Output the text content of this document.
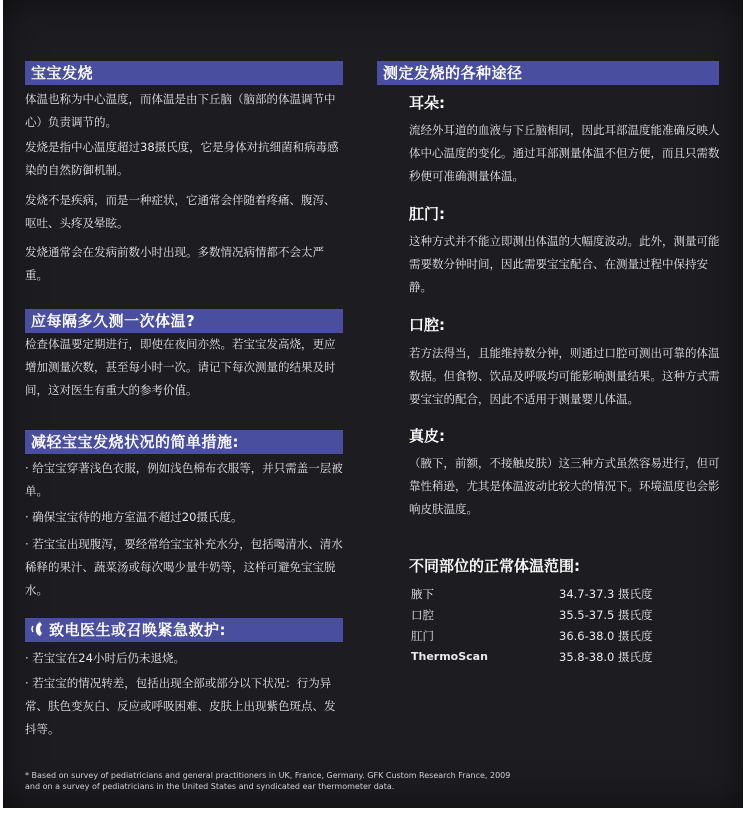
宝宝发烧

体温也称为中心温度，而体温是由下丘脑（脑部的体温调节中心）负责调节的。

发烧是指中心温度超过38摄氏度，它是身体对抗细菌和病毒感染的自然防御机制。

发烧不是疾病，而是一种症状，它通常会伴随着疼痛、腹泻、呕吐、头疼及晕眩。

发烧通常会在发病前数小时出现。多数情况病情都不会太严重。

应每隔多久测一次体温?

检查体温要定期进行，即使在夜间亦然。若宝宝发高烧，更应增加测量次数，甚至每小时一次。请记下每次测量的结果及时间，这对医生有重大的参考价值。

减轻宝宝发烧状况的简单措施:

· 给宝宝穿著浅色衣服，例如浅色棉布衣服等，并只需盖一层被单。

· 确保宝宝待的地方室温不超过20摄氏度。

· 若宝宝出现腹泻，要经常给宝宝补充水分，包括喝清水、清水稀释的果汁、蔬菜汤或每次喝少量牛奶等，这样可避免宝宝脱水。

致电医生或召唤紧急救护:

· 若宝宝在24小时后仍未退烧。

· 若宝宝的情况转差，包括出现全部或部分以下状况：行为异常、肤色变灰白、反应或呼吸困难、皮肤上出现紫色斑点、发抖等。

测定发烧的各种途径
耳朵:

流经外耳道的血液与下丘脑相同，因此耳部温度能准确反映人体中心温度的变化。通过耳部测量体温不但方便，而且只需数秒便可准确测量体温。

肛门:

这种方式并不能立即测出体温的大幅度波动。此外，测量可能需要数分钟时间，因此需要宝宝配合、在测量过程中保持安静。

口腔:

若方法得当，且能维持数分钟，则通过口腔可测出可靠的体温数据。但食物、饮品及呼吸均可能影响测量结果。这种方式需要宝宝的配合，因此不适用于测量婴儿体温。

真皮:

（腋下，前额，不接触皮肤）这三种方式虽然容易进行，但可靠性稍逊，尤其是体温波动比较大的情况下。环境温度也会影响皮肤温度。

不同部位的正常体温范围:
腋下	34.7-37.3 摄氏度
口腔	35.5-37.5 摄氏度
肛门	36.6-38.0 摄氏度
ThermoScan	35.8-38.0 摄氏度
* Based on survey of pediatricians and general practitioners in UK, France, Germany. GFK Custom Research France, 2009
and on a survey of pediatricians in the United States and syndicated ear thermometer data.
